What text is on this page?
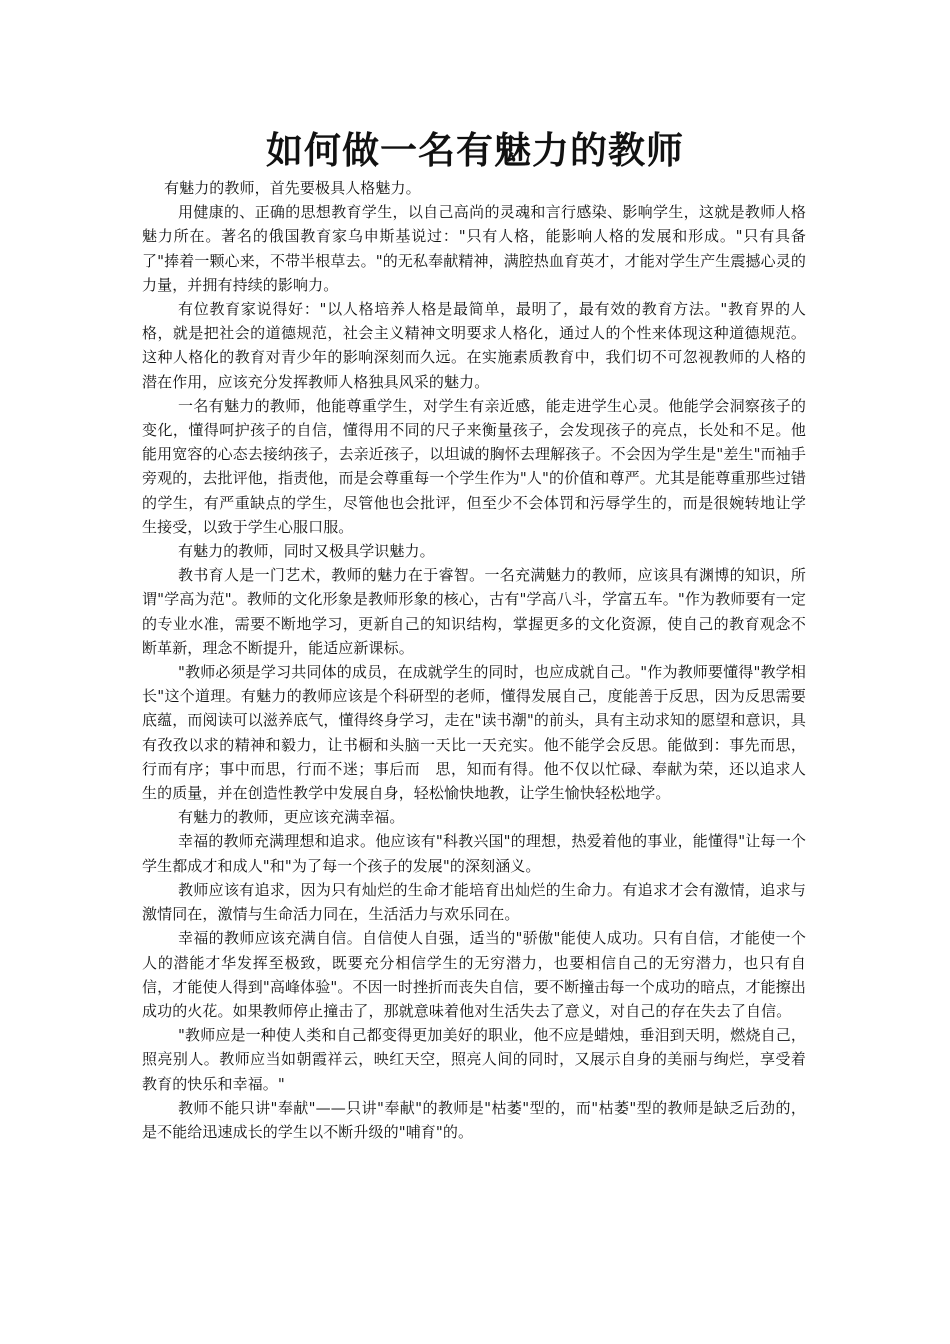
如何做一名有魅力的教师

有魅力的教师，首先要极具人格魅力。

用健康的、正确的思想教育学生，以自己高尚的灵魂和言行感染、影响学生，这就是教师人格魅力所在。著名的俄国教育家乌申斯基说过："只有人格，能影响人格的发展和形成。"只有具备了"捧着一颗心来，不带半根草去。"的无私奉献精神，满腔热血育英才，才能对学生产生震撼心灵的力量，并拥有持续的影响力。

有位教育家说得好："以人格培养人格是最简单，最明了，最有效的教育方法。"教育界的人格，就是把社会的道德规范，社会主义精神文明要求人格化，通过人的个性来体现这种道德规范。这种人格化的教育对青少年的影响深刻而久远。在实施素质教育中，我们切不可忽视教师的人格的潜在作用，应该充分发挥教师人格独具风采的魅力。

一名有魅力的教师，他能尊重学生，对学生有亲近感，能走进学生心灵。他能学会洞察孩子的变化，懂得呵护孩子的自信，懂得用不同的尺子来衡量孩子，会发现孩子的亮点，长处和不足。他能用宽容的心态去接纳孩子，去亲近孩子，以坦诚的胸怀去理解孩子。不会因为学生是"差生"而袖手旁观的，去批评他，指责他，而是会尊重每一个学生作为"人"的价值和尊严。尤其是能尊重那些过错的学生，有严重缺点的学生，尽管他也会批评，但至少不会体罚和污辱学生的，而是很婉转地让学生接受，以致于学生心服口服。

有魅力的教师，同时又极具学识魅力。

教书育人是一门艺术，教师的魅力在于睿智。一名充满魅力的教师，应该具有渊博的知识，所谓"学高为范"。教师的文化形象是教师形象的核心，古有"学高八斗，学富五车。"作为教师要有一定的专业水准，需要不断地学习，更新自己的知识结构，掌握更多的文化资源，使自己的教育观念不断革新，理念不断提升，能适应新课标。

"教师必须是学习共同体的成员，在成就学生的同时，也应成就自己。"作为教师要懂得"教学相长"这个道理。有魅力的教师应该是个科研型的老师，懂得发展自己，度能善于反思，因为反思需要底蕴，而阅读可以滋养底气，懂得终身学习，走在"读书潮"的前头，具有主动求知的愿望和意识，具有孜孜以求的精神和毅力，让书橱和头脑一天比一天充实。他不能学会反思。能做到：事先而思，行而有序；事中而思，行而不迷；事后而　思，知而有得。他不仅以忙碌、奉献为荣，还以追求人生的质量，并在创造性教学中发展自身，轻松愉快地教，让学生愉快轻松地学。

有魅力的教师，更应该充满幸福。

幸福的教师充满理想和追求。他应该有"科教兴国"的理想，热爱着他的事业，能懂得"让每一个学生都成才和成人"和"为了每一个孩子的发展"的深刻涵义。

教师应该有追求，因为只有灿烂的生命才能培育出灿烂的生命力。有追求才会有激情，追求与激情同在，激情与生命活力同在，生活活力与欢乐同在。

幸福的教师应该充满自信。自信使人自强，适当的"骄傲"能使人成功。只有自信，才能使一个人的潜能才华发挥至极致，既要充分相信学生的无穷潜力，也要相信自己的无穷潜力，也只有自信，才能使人得到"高峰体验"。不因一时挫折而丧失自信，要不断撞击每一个成功的暗点，才能擦出成功的火花。如果教师停止撞击了，那就意味着他对生活失去了意义，对自己的存在失去了自信。

"教师应是一种使人类和自己都变得更加美好的职业，他不应是蜡烛，垂泪到天明，燃烧自己，照亮别人。教师应当如朝霞祥云，映红天空，照亮人间的同时，又展示自身的美丽与绚烂，享受着教育的快乐和幸福。"

教师不能只讲"奉献"——只讲"奉献"的教师是"枯萎"型的，而"枯萎"型的教师是缺乏后劲的，是不能给迅速成长的学生以不断升级的"哺育"的。
